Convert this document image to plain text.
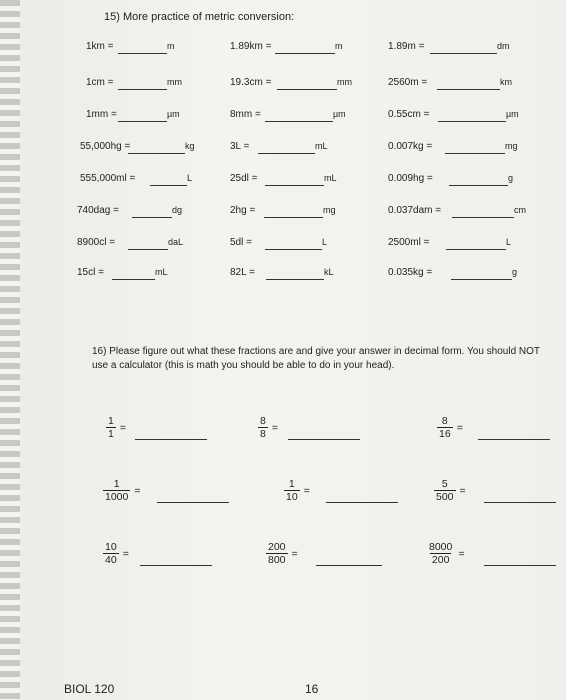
15) More practice of metric conversion:
1km =	m	1.89km =	m	1.89m =	dm
1cm =	mm	19.3cm =	mm	2560m =	km
1mm =	µm	8mm =	µm	0.55cm =	µm
55,000hg =	kg	3L =	mL	0.007kg =	mg
555,000ml =	L	25dl =	mL	0.009hg =	g
740dag =	dg	2hg =	mg	0.037dam =	cm
8900cl =	daL	5dl =	L	2500ml =	L
15cl =	mL	82L =	kL	0.035kg =	g
16) Please figure out what these fractions are and give your answer in decimal form. You should NOT use a calculator (this is math you should be able to do in your head).
$\frac{1}{1}$ =	$\frac{8}{8}$ =	$\frac{8}{16}$ =
$\frac{1}{1000}$ =	$\frac{1}{10}$ =	$\frac{5}{500}$ =
$\frac{10}{40}$ =	$\frac{200}{800}$ =	$\frac{8000}{200}$ =
BIOL 120	16
